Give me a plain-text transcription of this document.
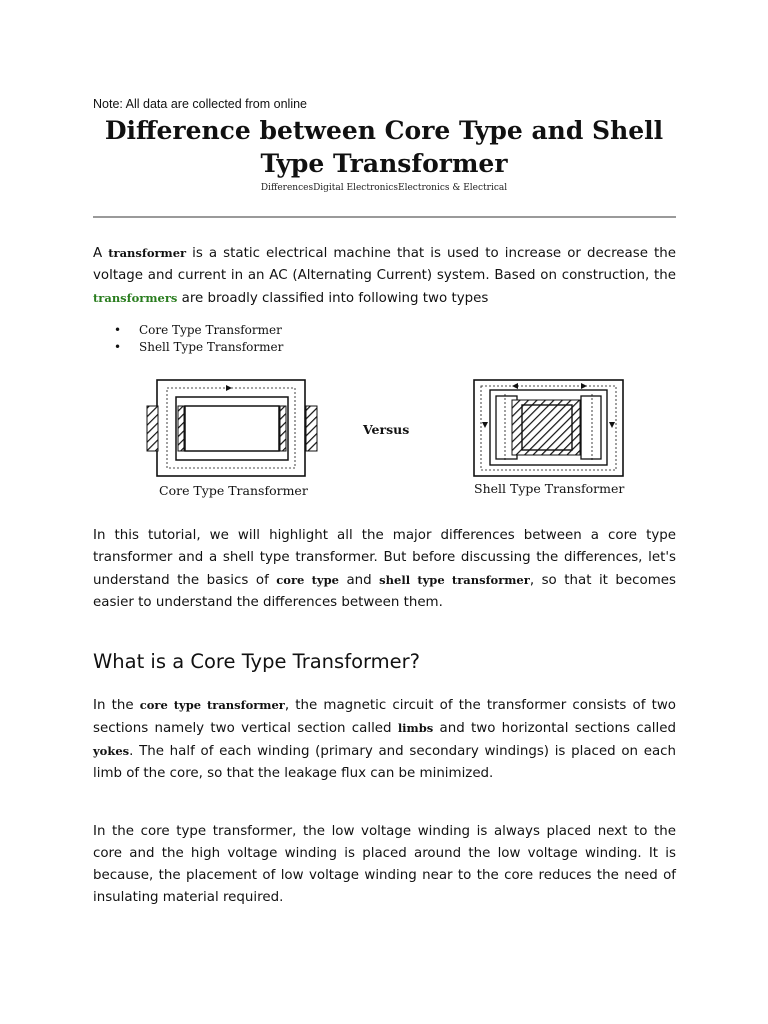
Note: All data are collected from online
Difference between Core Type and Shell
Type Transformer
DifferencesDigital ElectronicsElectronics & Electrical

A transformer is a static electrical machine that is used to increase or decrease the voltage and current in an AC (Alternating Current) system. Based on construction, the transformers are broadly classified into following two types

• Core Type Transformer
• Shell Type Transformer
Core Type Transformer
Versus
Shell Type Transformer

In this tutorial, we will highlight all the major differences between a core type transformer and a shell type transformer. But before discussing the differences, let's understand the basics of core type and shell type transformer, so that it becomes easier to understand the differences between them.

What is a Core Type Transformer?

In the core type transformer, the magnetic circuit of the transformer consists of two sections namely two vertical section called limbs and two horizontal sections called yokes. The half of each winding (primary and secondary windings) is placed on each limb of the core, so that the leakage flux can be minimized.

In the core type transformer, the low voltage winding is always placed next to the core and the high voltage winding is placed around the low voltage winding. It is because, the placement of low voltage winding near to the core reduces the need of insulating material required.
